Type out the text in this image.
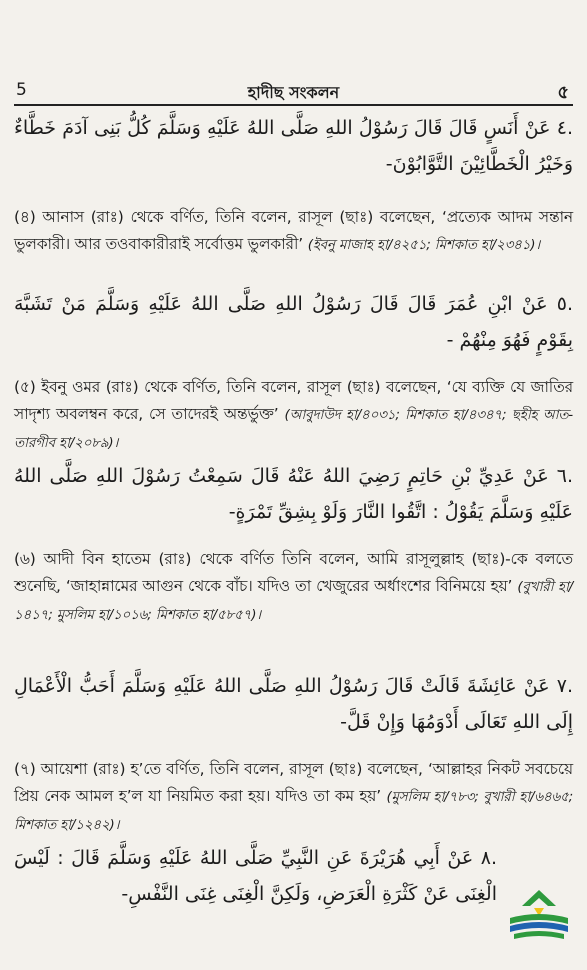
5	হাদীছ সংকলন	৫
.٤ عَنْ أَنَسٍ قَالَ قَالَ رَسُوْلُ اللهِ صَلَّى اللهُ عَلَيْهِ وَسَلَّمَ كُلُّ بَنِى آدَمَ خَطَّاءٌ وَخَيْرُ الْخَطَّائِيْنَ التَّوَّابُوْنَ-
(৪) আনাস (রাঃ) থেকে বর্ণিত, তিনি বলেন, রাসূল (ছাঃ) বলেছেন, ‘প্রত্যেক আদম সন্তান ভুলকারী। আর তওবাকারীরাই সর্বোত্তম ভুলকারী’ (ইবনু মাজাহ হা/৪২৫১; মিশকাত হা/২৩৪১)।
.٥ عَنْ ابْنِ عُمَرَ قَالَ قَالَ رَسُوْلُ اللهِ صَلَّى اللهُ عَلَيْهِ وَسَلَّمَ مَنْ تَشَبَّهَ بِقَوْمٍ فَهُوَ مِنْهُمْ -
(৫) ইবনু ওমর (রাঃ) থেকে বর্ণিত, তিনি বলেন, রাসূল (ছাঃ) বলেছেন, ‘যে ব্যক্তি যে জাতির সাদৃশ্য অবলম্বন করে, সে তাদেরই অন্তর্ভুক্ত’ (আবুদাউদ হা/৪০৩১; মিশকাত হা/৪৩৪৭; ছহীহ আত-তারগীব হা/২০৮৯)।
.٦ عَنْ عَدِيِّ بْنِ حَاتِمٍ رَضِيَ اللهُ عَنْهُ قَالَ سَمِعْتُ رَسُوْلَ اللهِ صَلَّى اللهُ عَلَيْهِ وَسَلَّمَ يَقُوْلُ : اتَّقُوا النَّارَ وَلَوْ بِشِقِّ تَمْرَةٍ-
(৬) আদী বিন হাতেম (রাঃ) থেকে বর্ণিত তিনি বলেন, আমি রাসূলুল্লাহ (ছাঃ)-কে বলতে শুনেছি, ‘জাহান্নামের আগুন থেকে বাঁচ। যদিও তা খেজুরের অর্ধাংশের বিনিময়ে হয়’ (বুখারী হা/১৪১৭; মুসলিম হা/১০১৬; মিশকাত হা/৫৮৫৭)।
.٧ عَنْ عَائِشَةَ قَالَتْ قَالَ رَسُوْلُ اللهِ صَلَّى اللهُ عَلَيْهِ وَسَلَّمَ أَحَبُّ الْأَعْمَالِ إِلَى اللهِ تَعَالَى أَدْوَمُهَا وَإِنْ قَلَّ-
(৭) আয়েশা (রাঃ) হ’তে বর্ণিত, তিনি বলেন, রাসূল (ছাঃ) বলেছেন, ‘আল্লাহর নিকট সবচেয়ে প্রিয় নেক আমল হ’ল যা নিয়মিত করা হয়। যদিও তা কম হয়’ (মুসলিম হা/৭৮৩; বুখারী হা/৬৪৬৫; মিশকাত হা/১২৪২)।
.٨ عَنْ أَبِي هُرَيْرَةَ عَنِ النَّبِيِّ صَلَّى اللهُ عَلَيْهِ وَسَلَّمَ قَالَ : لَيْسَ الْغِنَى عَنْ كَثْرَةِ الْعَرَضِ، وَلَكِنَّ الْغِنَى غِنَى النَّفْسِ-
